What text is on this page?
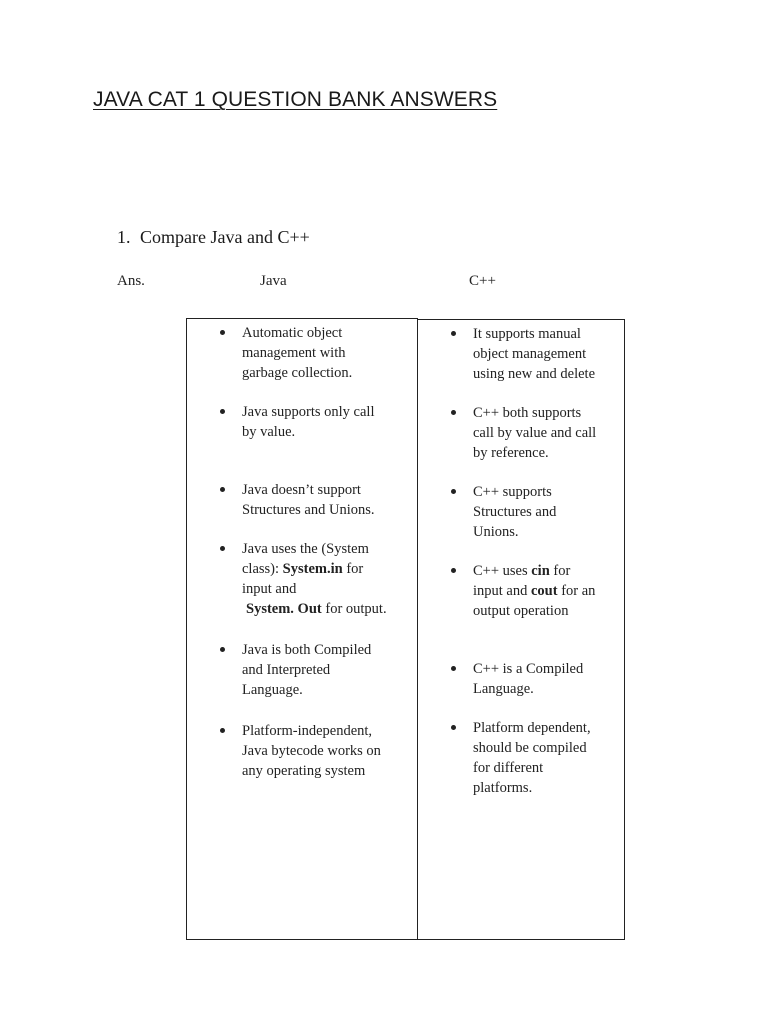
JAVA CAT 1 QUESTION BANK ANSWERS

1. Compare Java and C++

Ans.	Java	C++
Automatic object
management with
garbage collection.
Java supports only call
by value.
Java doesn’t support
Structures and Unions.
Java uses the (System
class): System.in for
input and
System. Out for output.
Java is both Compiled
and Interpreted
Language.
Platform-independent,
Java bytecode works on
any operating system
It supports manual
object management
using new and delete
C++ both supports
call by value and call
by reference.
C++ supports
Structures and
Unions.
C++ uses cin for
input and cout for an
output operation
C++ is a Compiled
Language.
Platform dependent,
should be compiled
for different
platforms.
